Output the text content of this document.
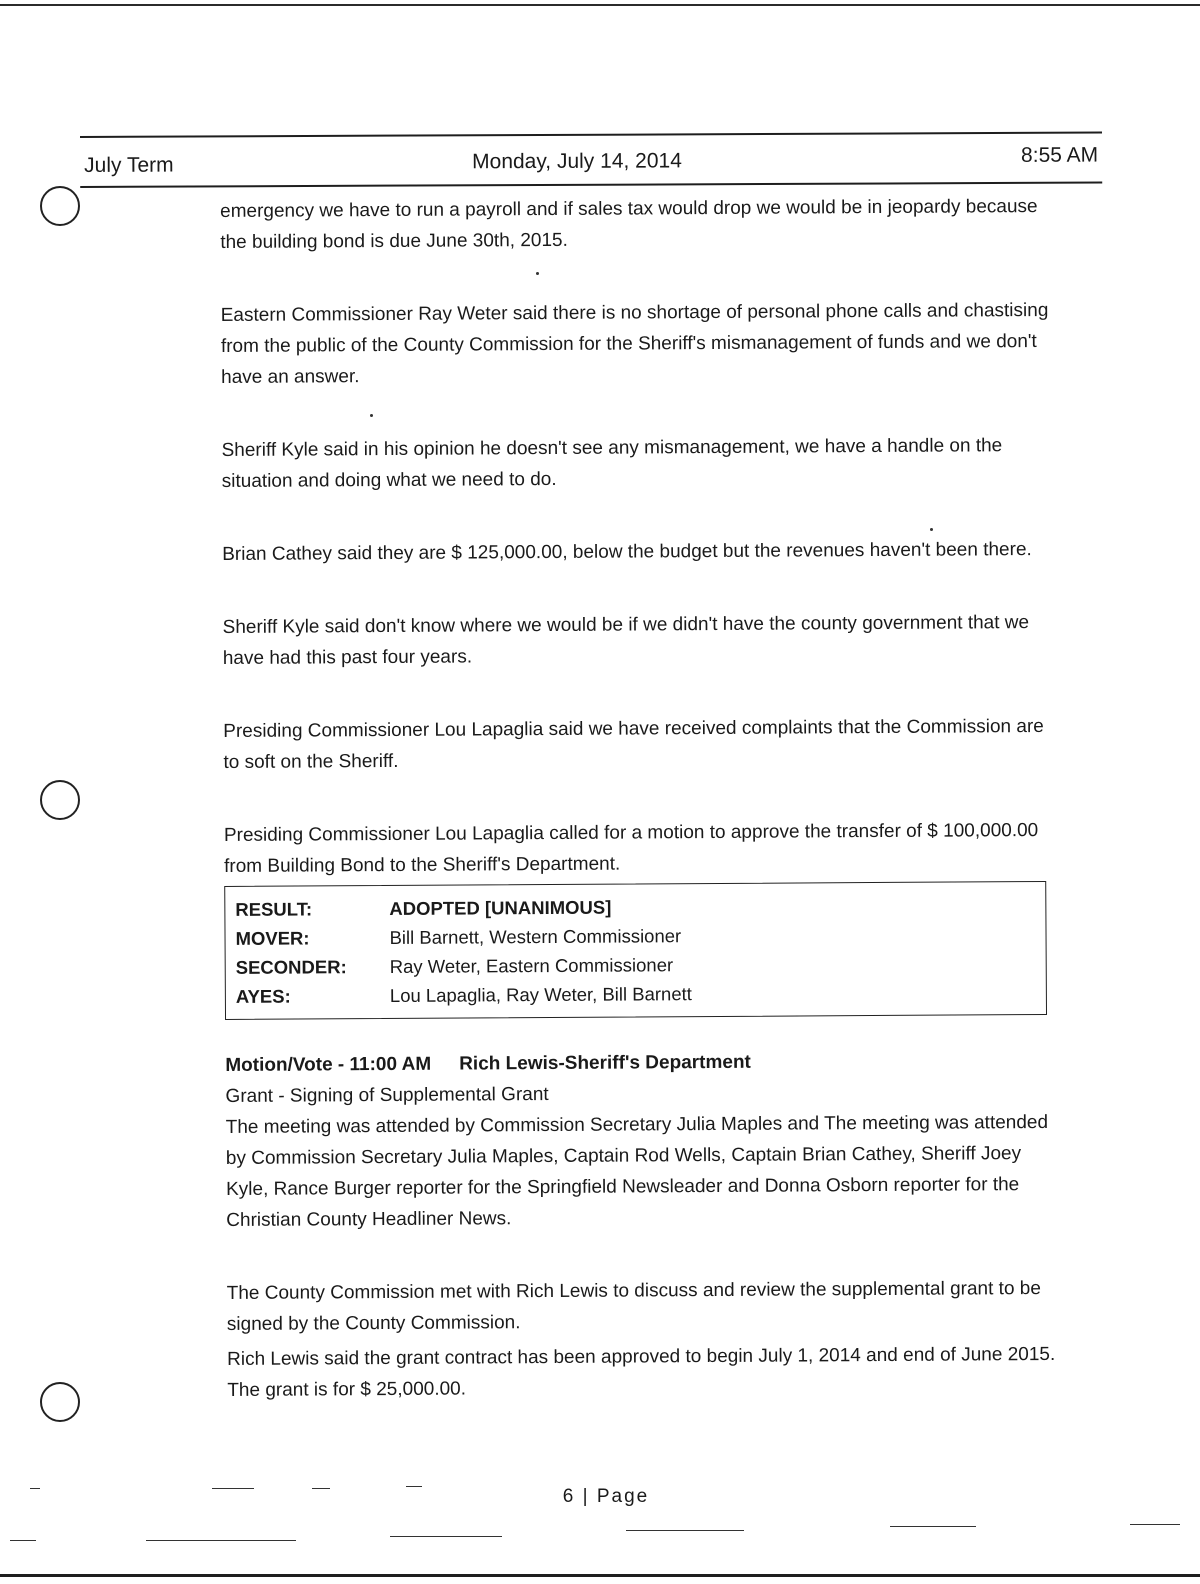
July Term	Monday, July 14, 2014	8:55 AM

emergency we have to run a payroll and if sales tax would drop we would be in jeopardy because the building bond is due June 30th, 2015.

Eastern Commissioner Ray Weter said there is no shortage of personal phone calls and chastising from the public of the County Commission for the Sheriff's mismanagement of funds and we don't have an answer.

Sheriff Kyle said in his opinion he doesn't see any mismanagement, we have a handle on the situation and doing what we need to do.

Brian Cathey said they are $ 125,000.00, below the budget but the revenues haven't been there.

Sheriff Kyle said don't know where we would be if we didn't have the county government that we have had this past four years.

Presiding Commissioner Lou Lapaglia said we have received complaints that the Commission are to soft on the Sheriff.

Presiding Commissioner Lou Lapaglia called for a motion to approve the transfer of $ 100,000.00 from Building Bond to the Sheriff's Department.

RESULT:	ADOPTED [UNANIMOUS]
MOVER:	Bill Barnett, Western Commissioner
SECONDER:	Ray Weter, Eastern Commissioner
AYES:	Lou Lapaglia, Ray Weter, Bill Barnett

Motion/Vote - 11:00 AM Rich Lewis-Sheriff's Department

Grant - Signing of Supplemental Grant

The meeting was attended by Commission Secretary Julia Maples and The meeting was attended by Commission Secretary Julia Maples, Captain Rod Wells, Captain Brian Cathey, Sheriff Joey Kyle, Rance Burger reporter for the Springfield Newsleader and Donna Osborn reporter for the Christian County Headliner News.

The County Commission met with Rich Lewis to discuss and review the supplemental grant to be signed by the County Commission.

Rich Lewis said the grant contract has been approved to begin July 1, 2014 and end of June 2015. The grant is for $ 25,000.00.

6 | Page
